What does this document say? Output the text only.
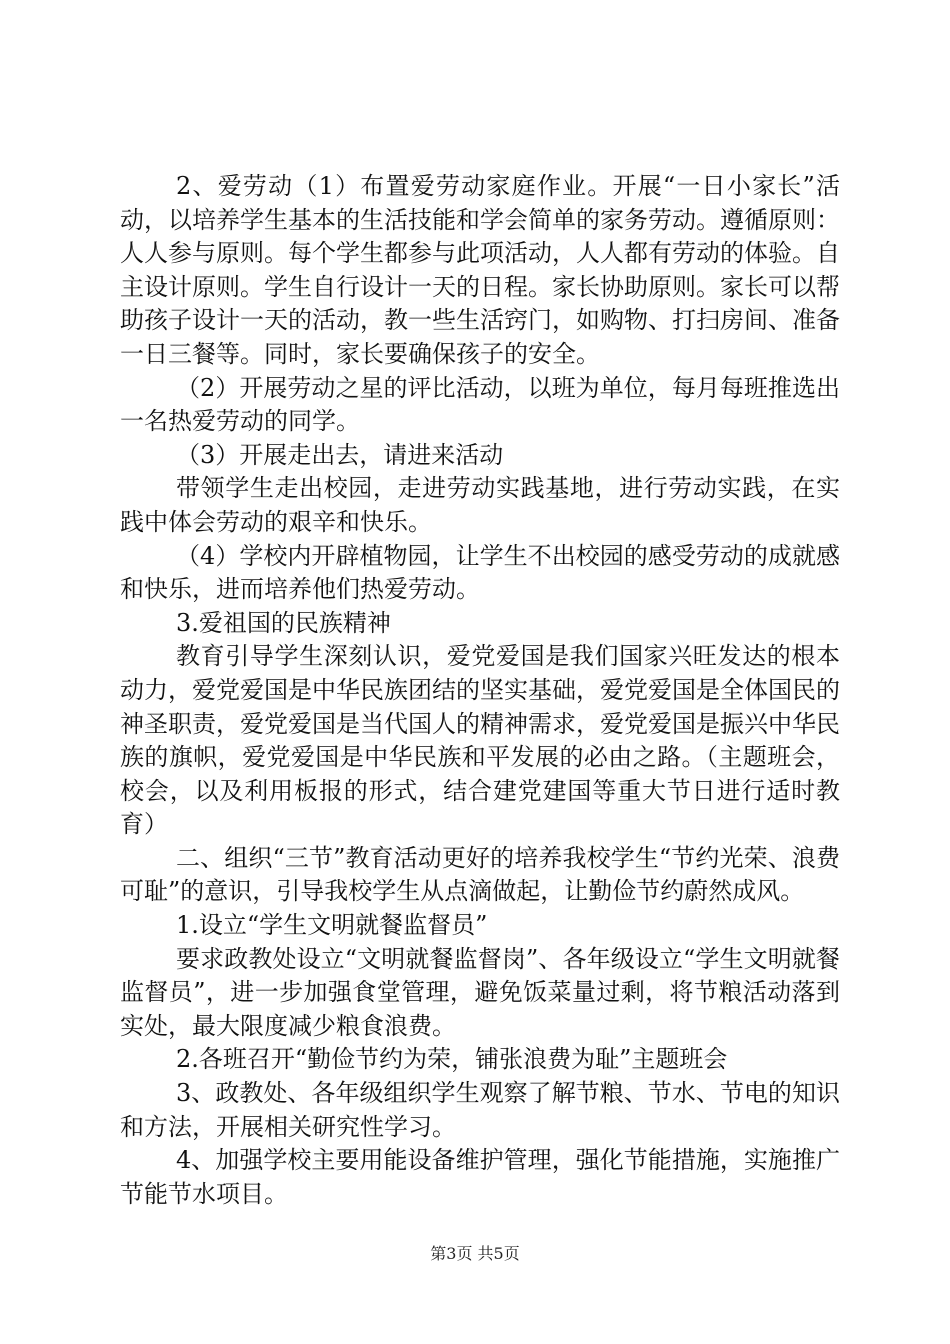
2、爱劳动（1）布置爱劳动家庭作业。开展“一日小家长”活动，以培养学生基本的生活技能和学会简单的家务劳动。遵循原则：人人参与原则。每个学生都参与此项活动，人人都有劳动的体验。自主设计原则。学生自行设计一天的日程。家长协助原则。家长可以帮助孩子设计一天的活动，教一些生活窍门，如购物、打扫房间、准备一日三餐等。同时，家长要确保孩子的安全。

（2）开展劳动之星的评比活动，以班为单位，每月每班推选出一名热爱劳动的同学。

（3）开展走出去，请进来活动

带领学生走出校园，走进劳动实践基地，进行劳动实践，在实践中体会劳动的艰辛和快乐。

（4）学校内开辟植物园，让学生不出校园的感受劳动的成就感和快乐，进而培养他们热爱劳动。

3.爱祖国的民族精神

教育引导学生深刻认识，爱党爱国是我们国家兴旺发达的根本动力，爱党爱国是中华民族团结的坚实基础，爱党爱国是全体国民的神圣职责，爱党爱国是当代国人的精神需求，爱党爱国是振兴中华民族的旗帜，爱党爱国是中华民族和平发展的必由之路。（主题班会，校会，以及利用板报的形式，结合建党建国等重大节日进行适时教育）

二、组织“三节”教育活动更好的培养我校学生“节约光荣、浪费可耻”的意识，引导我校学生从点滴做起，让勤俭节约蔚然成风。

1.设立“学生文明就餐监督员”

要求政教处设立“文明就餐监督岗”、各年级设立“学生文明就餐监督员”，进一步加强食堂管理，避免饭菜量过剩，将节粮活动落到实处，最大限度减少粮食浪费。

2.各班召开“勤俭节约为荣，铺张浪费为耻”主题班会

3、政教处、各年级组织学生观察了解节粮、节水、节电的知识和方法，开展相关研究性学习。

4、加强学校主要用能设备维护管理，强化节能措施，实施推广节能节水项目。

第3页 共5页
